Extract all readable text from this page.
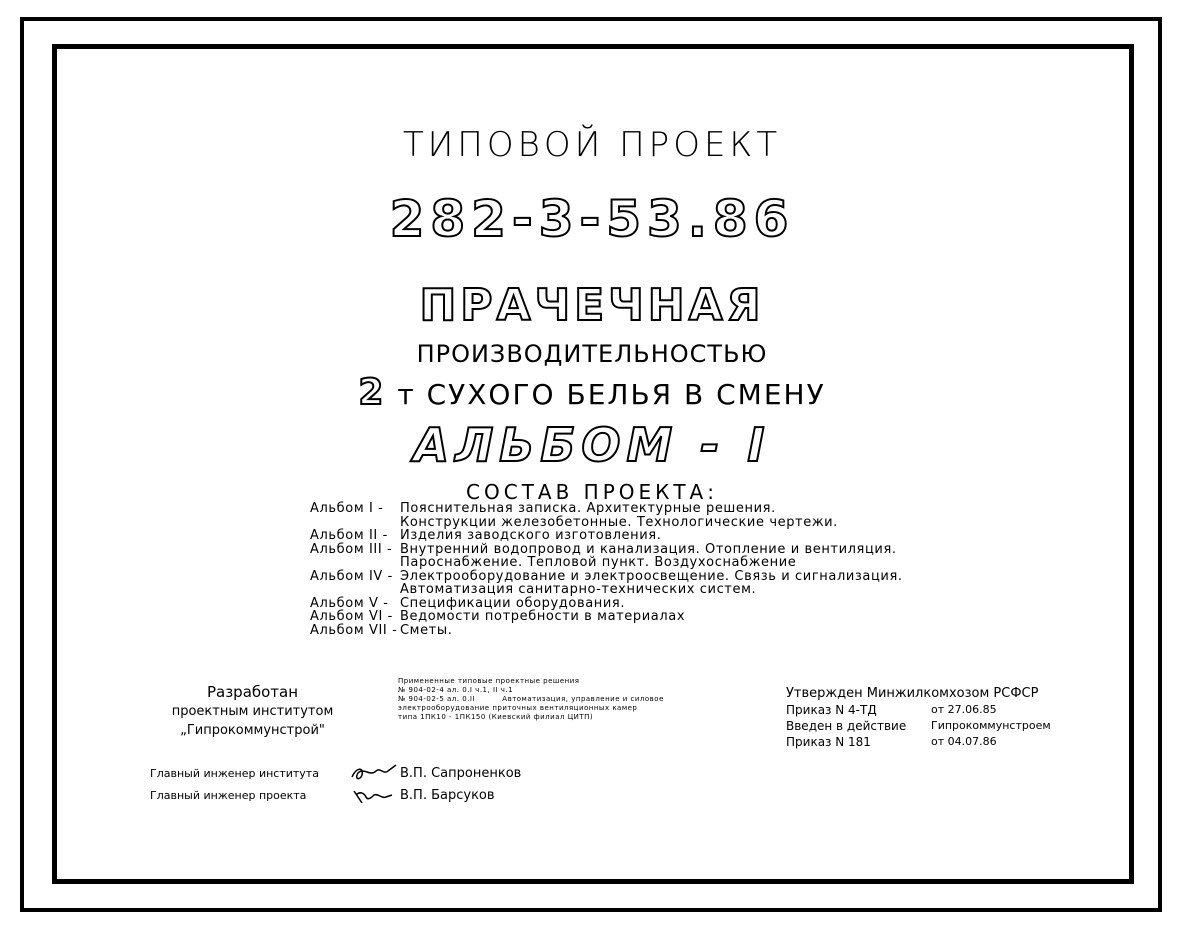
ТИПОВОЙ ПРОЕКТ
282-3-53.86
ПРАЧЕЧНАЯ
ПРОИЗВОДИТЕЛЬНОСТЬЮ
2 т СУХОГО БЕЛЬЯ В СМЕНУ
АЛЬБОМ - I
СОСТАВ ПРОЕКТА:
Альбом I -	Пояснительная записка. Архитектурные решения.
Конструкции железобетонные. Технологические чертежи.
Альбом II - Изделия заводского изготовления.
Альбом III - Внутренний водопровод и канализация. Отопление и вентиляция.
Пароснабжение. Тепловой пункт. Воздухоснабжение
Альбом IV - Электрооборудование и электроосвещение. Связь и сигнализация.
Автоматизация санитарно-технических систем.
Альбом V - Спецификации оборудования.
Альбом VI - Ведомости потребности в материалах
Альбом VII - Сметы.
Разработан
проектным институтом
„Гипрокоммунстрой"
Примененные типовые проектные решения
№ 904-02-4 ал. 0.I ч.1, II ч.1
№ 904-02-5 ал. 0.II          Автоматизация, управление и силовое
электрооборудование приточных вентиляционных камер
типа 1ПК10 - 1ПК150 (Киевский филиал ЦИТП)
Утвержден Минжилкомхозом РСФСР
Приказ N 4-ТД	от 27.06.85
Введен в действие	Гипрокоммунстроем
Приказ N 181	от 04.07.86
Главный инженер института	В.П. Сапроненков
Главный инженер проекта	В.П. Барсуков
